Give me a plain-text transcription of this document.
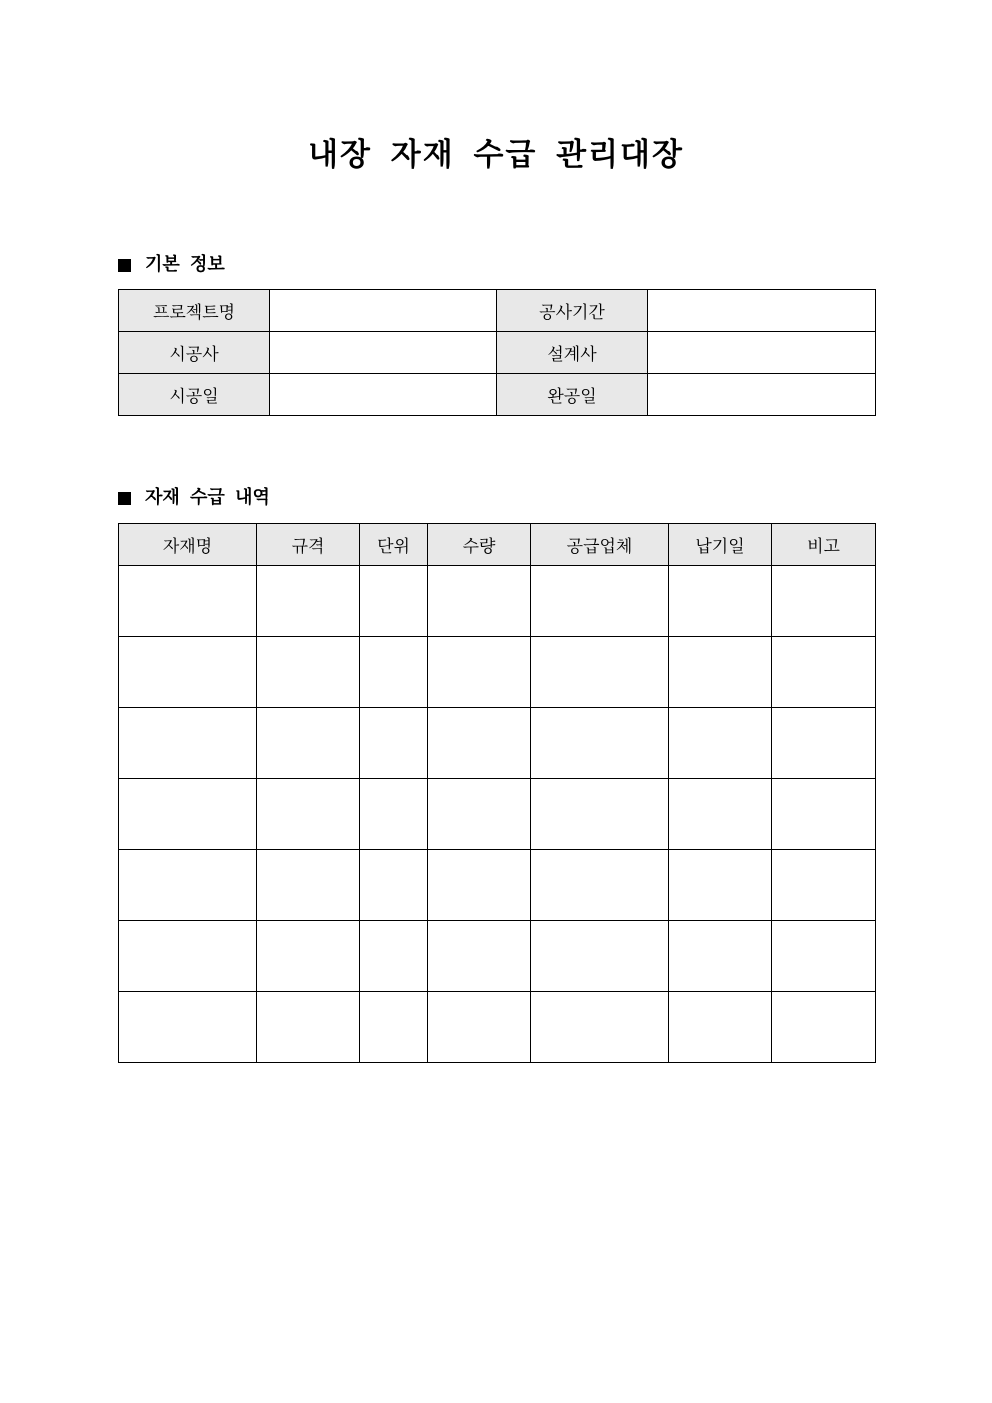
내장 자재 수급 관리대장
기본 정보
프로젝트명		공사기간	
시공사		설계사	
시공일		완공일	
자재 수급 내역
자재명	규격	단위	수량	공급업체	납기일	비고
